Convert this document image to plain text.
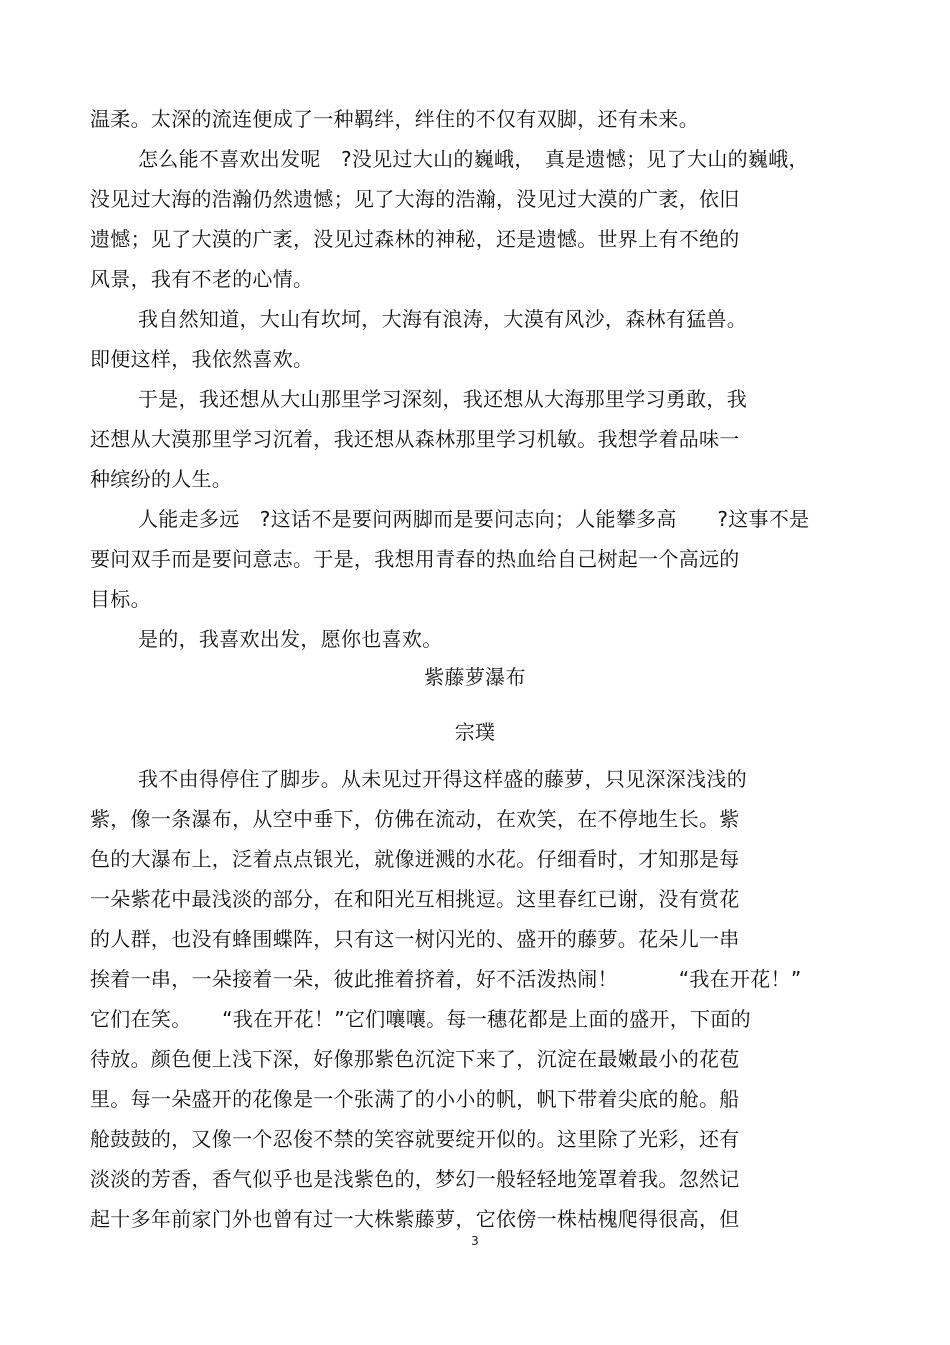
温柔。太深的流连便成了一种羁绊，绊住的不仅有双脚，还有未来。

怎么能不喜欢出发呢　?没见过大山的巍峨，　真是遗憾；见了大山的巍峨，

没见过大海的浩瀚仍然遗憾；见了大海的浩瀚，没见过大漠的广袤，依旧

遗憾；见了大漠的广袤，没见过森林的神秘，还是遗憾。世界上有不绝的

风景，我有不老的心情。

我自然知道，大山有坎坷，大海有浪涛，大漠有风沙，森林有猛兽。

即便这样，我依然喜欢。

于是，我还想从大山那里学习深刻，我还想从大海那里学习勇敢，我

还想从大漠那里学习沉着，我还想从森林那里学习机敏。我想学着品味一

种缤纷的人生。

人能走多远　?这话不是要问两脚而是要问志向；人能攀多高　　?这事不是

要问双手而是要问意志。于是，我想用青春的热血给自己树起一个高远的

目标。

是的，我喜欢出发，愿你也喜欢。

紫藤萝瀑布

宗璞

我不由得停住了脚步。从未见过开得这样盛的藤萝，只见深深浅浅的

紫，像一条瀑布，从空中垂下，仿佛在流动，在欢笑，在不停地生长。紫

色的大瀑布上，泛着点点银光，就像迸溅的水花。仔细看时，才知那是每

一朵紫花中最浅淡的部分，在和阳光互相挑逗。这里春红已谢，没有赏花

的人群，也没有蜂围蝶阵，只有这一树闪光的、盛开的藤萝。花朵儿一串

挨着一串，一朵接着一朵，彼此推着挤着，好不活泼热闹！　　　“我在开花！”

它们在笑。　　“我在开花！”它们嚷嚷。每一穗花都是上面的盛开，下面的

待放。颜色便上浅下深，好像那紫色沉淀下来了，沉淀在最嫩最小的花苞

里。每一朵盛开的花像是一个张满了的小小的帆，帆下带着尖底的舱。船

舱鼓鼓的，又像一个忍俊不禁的笑容就要绽开似的。这里除了光彩，还有

淡淡的芳香，香气似乎也是浅紫色的，梦幻一般轻轻地笼罩着我。忽然记

起十多年前家门外也曾有过一大株紫藤萝，它依傍一株枯槐爬得很高，但

3
